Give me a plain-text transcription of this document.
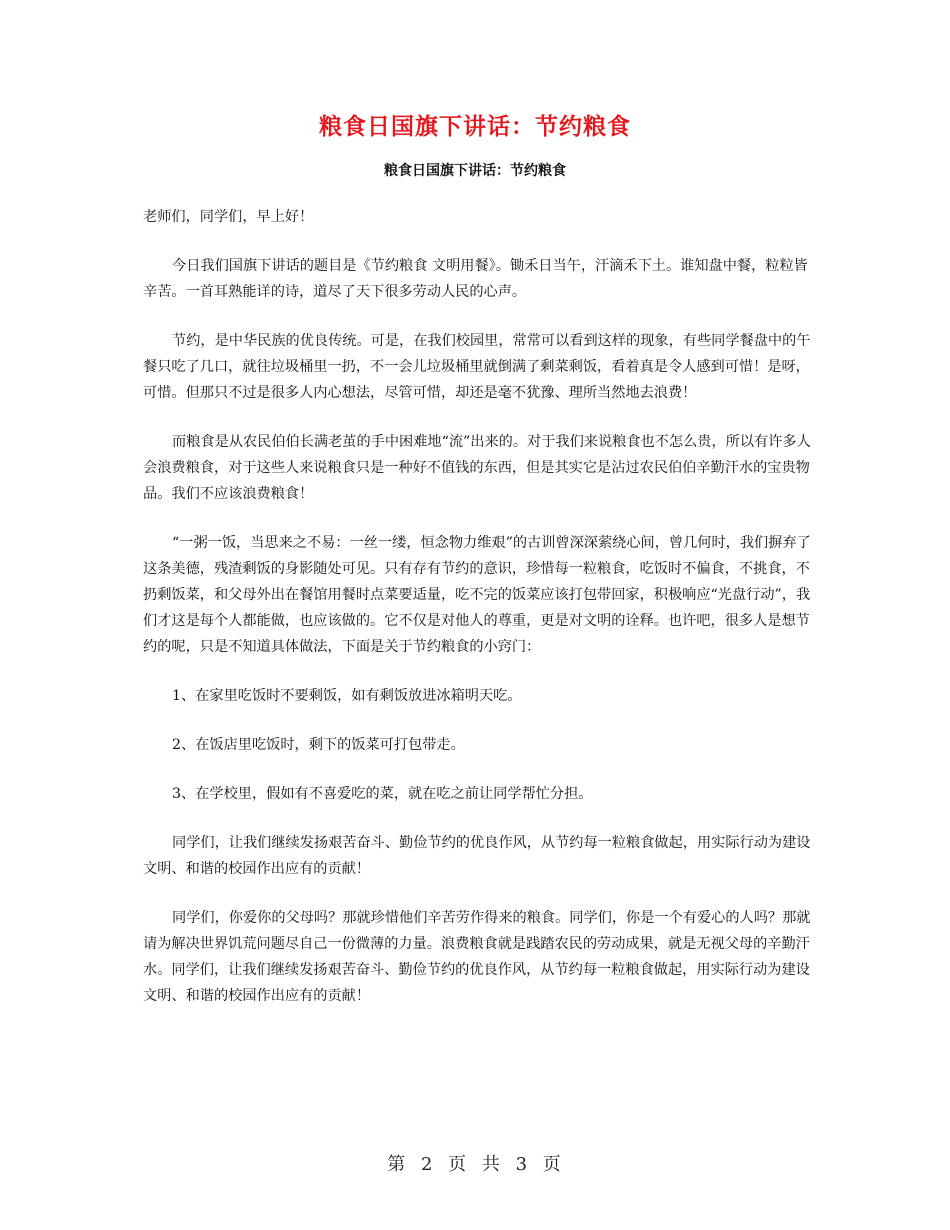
粮食日国旗下讲话：节约粮食
粮食日国旗下讲话：节约粮食

老师们，同学们，早上好！

今日我们国旗下讲话的题目是《节约粮食 文明用餐》。锄禾日当午，汗滴禾下土。谁知盘中餐，粒粒皆辛苦。一首耳熟能详的诗，道尽了天下很多劳动人民的心声。

节约，是中华民族的优良传统。可是，在我们校园里，常常可以看到这样的现象，有些同学餐盘中的午餐只吃了几口，就往垃圾桶里一扔，不一会儿垃圾桶里就倒满了剩菜剩饭，看着真是令人感到可惜！是呀，可惜。但那只不过是很多人内心想法，尽管可惜，却还是毫不犹豫、理所当然地去浪费！

而粮食是从农民伯伯长满老茧的手中困难地“流”出来的。对于我们来说粮食也不怎么贵，所以有许多人会浪费粮食，对于这些人来说粮食只是一种好不值钱的东西，但是其实它是沾过农民伯伯辛勤汗水的宝贵物品。我们不应该浪费粮食！

“一粥一饭，当思来之不易：一丝一缕，恒念物力维艰”的古训曾深深萦绕心间，曾几何时，我们摒弃了这条美德，残渣剩饭的身影随处可见。只有存有节约的意识，珍惜每一粒粮食，吃饭时不偏食，不挑食，不扔剩饭菜，和父母外出在餐馆用餐时点菜要适量，吃不完的饭菜应该打包带回家，积极响应“光盘行动”，我们才这是每个人都能做，也应该做的。它不仅是对他人的尊重，更是对文明的诠释。也许吧，很多人是想节约的呢，只是不知道具体做法，下面是关于节约粮食的小窍门：

1、在家里吃饭时不要剩饭，如有剩饭放进冰箱明天吃。

2、在饭店里吃饭时，剩下的饭菜可打包带走。

3、在学校里，假如有不喜爱吃的菜，就在吃之前让同学帮忙分担。

同学们，让我们继续发扬艰苦奋斗、勤俭节约的优良作风，从节约每一粒粮食做起，用实际行动为建设文明、和谐的校园作出应有的贡献！

同学们，你爱你的父母吗？那就珍惜他们辛苦劳作得来的粮食。同学们，你是一个有爱心的人吗？那就请为解决世界饥荒问题尽自己一份微薄的力量。浪费粮食就是践踏农民的劳动成果，就是无视父母的辛勤汗水。同学们，让我们继续发扬艰苦奋斗、勤俭节约的优良作风，从节约每一粒粮食做起，用实际行动为建设文明、和谐的校园作出应有的贡献！

第 2 页 共 3 页
